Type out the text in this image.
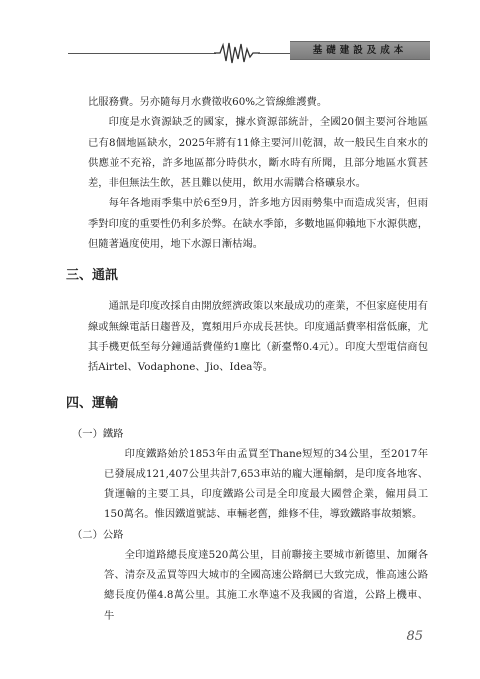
基礎建設及成本

比服務費。另亦隨每月水費徵收60%之管線維護費。

印度是水資源缺乏的國家，據水資源部統計，全國20個主要河谷地區已有8個地區缺水，2025年將有11條主要河川乾涸，故一般民生自來水的供應並不充裕，許多地區都分時供水，斷水時有所聞，且部分地區水質甚差，非但無法生飲，甚且難以使用，飲用水需購合格礦泉水。

每年各地雨季集中於6至9月，許多地方因雨勢集中而造成災害，但雨季對印度的重要性仍利多於弊。在缺水季節，多數地區仰賴地下水源供應，但隨著過度使用，地下水源日漸枯竭。

三、通訊

通訊是印度改採自由開放經濟政策以來最成功的產業，不但家庭使用有線或無線電話日趨普及，寬頻用戶亦成長甚快。印度通話費率相當低廉，尤其手機更低至每分鐘通話費僅約1塵比（新臺幣0.4元）。印度大型電信商包括Airtel、Vodaphone、Jio、Idea等。

四、運輸
（一）鐵路

印度鐵路始於1853年由孟買至Thane短短的34公里，至2017年已發展成121,407公里共計7,653車站的龐大運輸網，是印度各地客、貨運輸的主要工具，印度鐵路公司是全印度最大國營企業，僱用員工150萬名。惟因鐵道號誌、車輛老舊，維修不佳，導致鐵路事故頻繁。

（二）公路

全印道路總長度達520萬公里，目前聯接主要城市新德里、加爾各答、清奈及孟買等四大城市的全國高速公路網已大致完成，惟高速公路總長度仍僅4.8萬公里。其施工水準遠不及我國的省道，公路上機車、牛

85
